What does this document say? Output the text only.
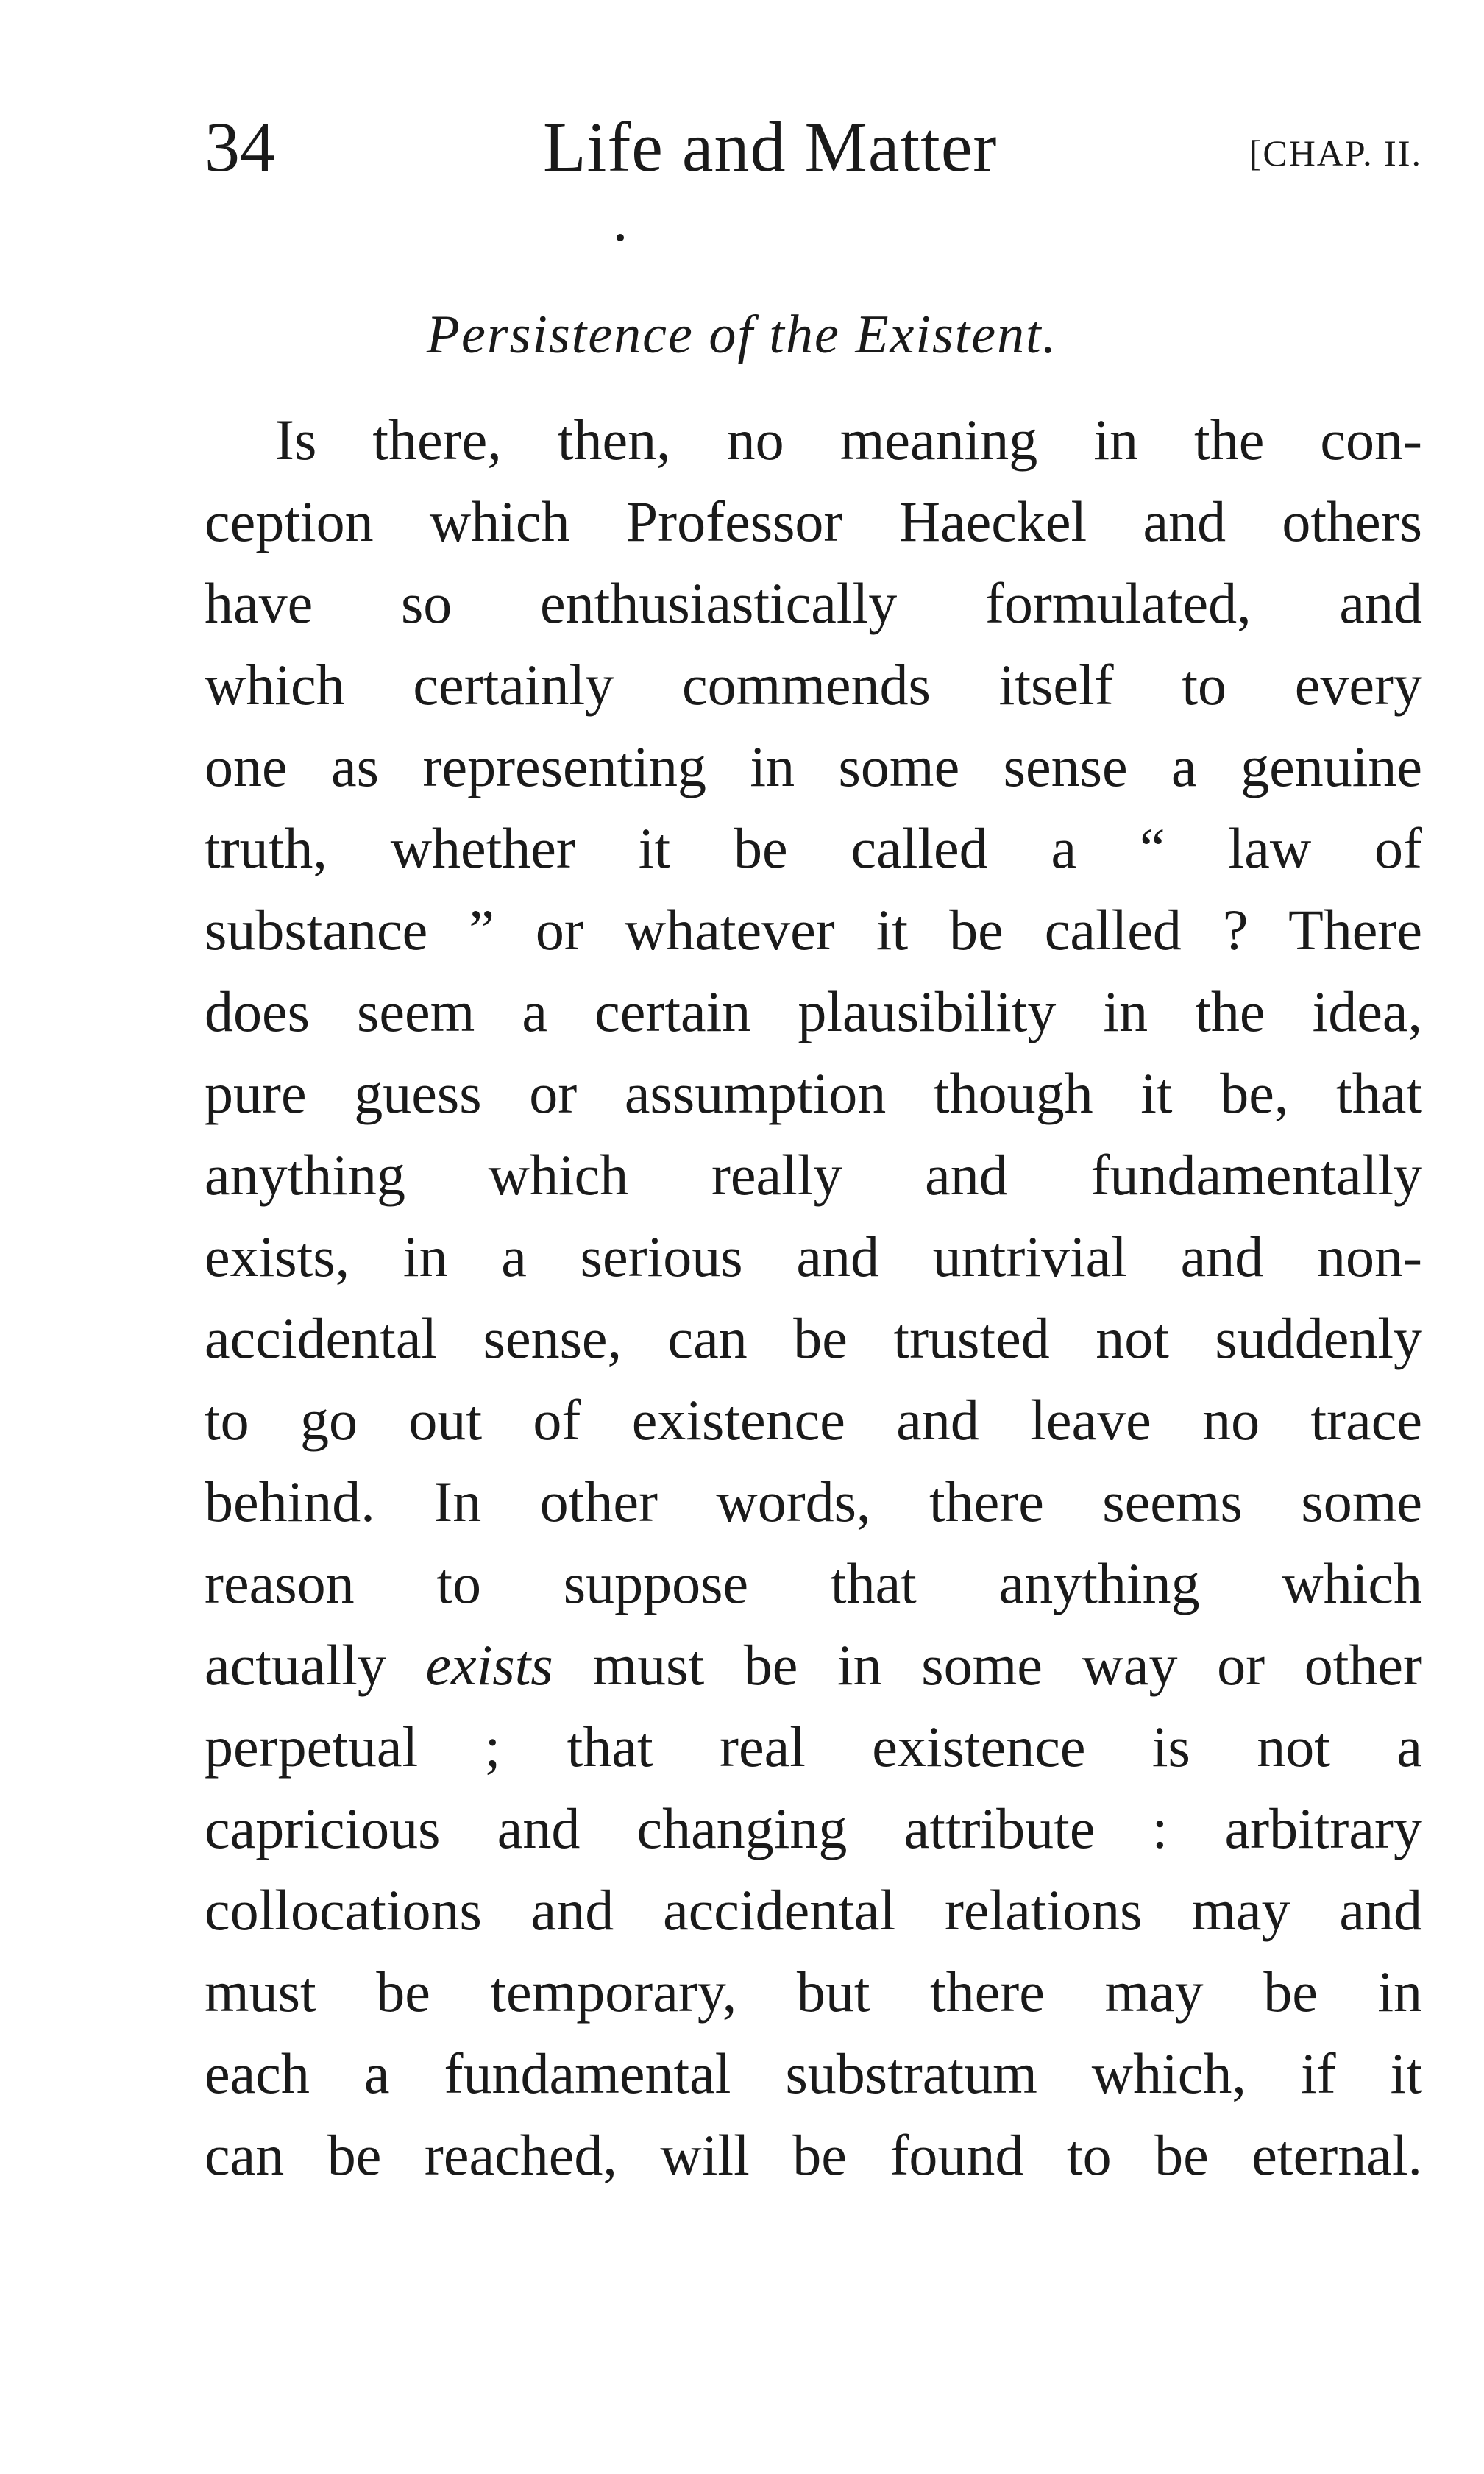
34	Life and Matter	[CHAP. II.
Persistence of the Existent.
Is there, then, no meaning in the con-
ception which Professor Haeckel and others
have so enthusiastically formulated, and
which certainly commends itself to every
one as representing in some sense a genuine
truth, whether it be called a “ law of
substance ” or whatever it be called ? There
does seem a certain plausibility in the idea,
pure guess or assumption though it be, that
anything which really and fundamentally
exists, in a serious and untrivial and non-
accidental sense, can be trusted not suddenly
to go out of existence and leave no trace
behind. In other words, there seems some
reason to suppose that anything which
actually exists must be in some way or other
perpetual ; that real existence is not a
capricious and changing attribute : arbitrary
collocations and accidental relations may and
must be temporary, but there may be in
each a fundamental substratum which, if it
can be reached, will be found to be eternal.
